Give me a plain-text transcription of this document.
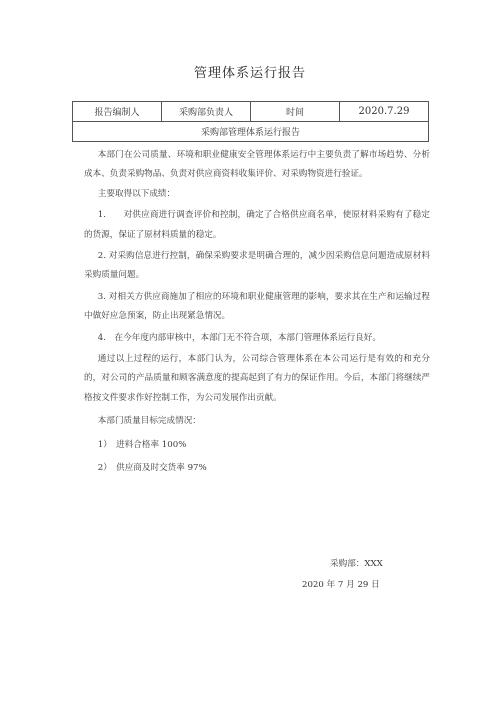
管理体系运行报告
报告编制人	采购部负责人	时间	2020.7.29
采购部管理体系运行报告

本部门在公司质量、环境和职业健康安全管理体系运行中主要负责了解市场趋势、分析成本、负责采购物品、负责对供应商资料收集评价、对采购物资进行验证。

主要取得以下成绩：

1.　　对供应商进行调查评价和控制，确定了合格供应商名单，使原材料采购有了稳定的货源，保证了原材料质量的稳定。

2. 对采购信息进行控制，确保采购要求是明确合理的，减少因采购信息问题造成原材料采购质量问题。

3. 对相关方供应商施加了相应的环境和职业健康管理的影响，要求其在生产和运输过程中做好应急预案，防止出现紧急情况。

4.　在今年度内部审核中，本部门无不符合项，本部门管理体系运行良好。

通过以上过程的运行，本部门认为，公司综合管理体系在本公司运行是有效的和充分的，对公司的产品质量和顾客满意度的提高起到了有力的保证作用。今后，本部门将继续严格按文件要求作好控制工作，为公司发展作出贡献。

本部门质量目标完成情况：

1）　进料合格率 100%

2）　供应商及时交货率 97%

采购部：XXX
2020 年 7 月 29 日
